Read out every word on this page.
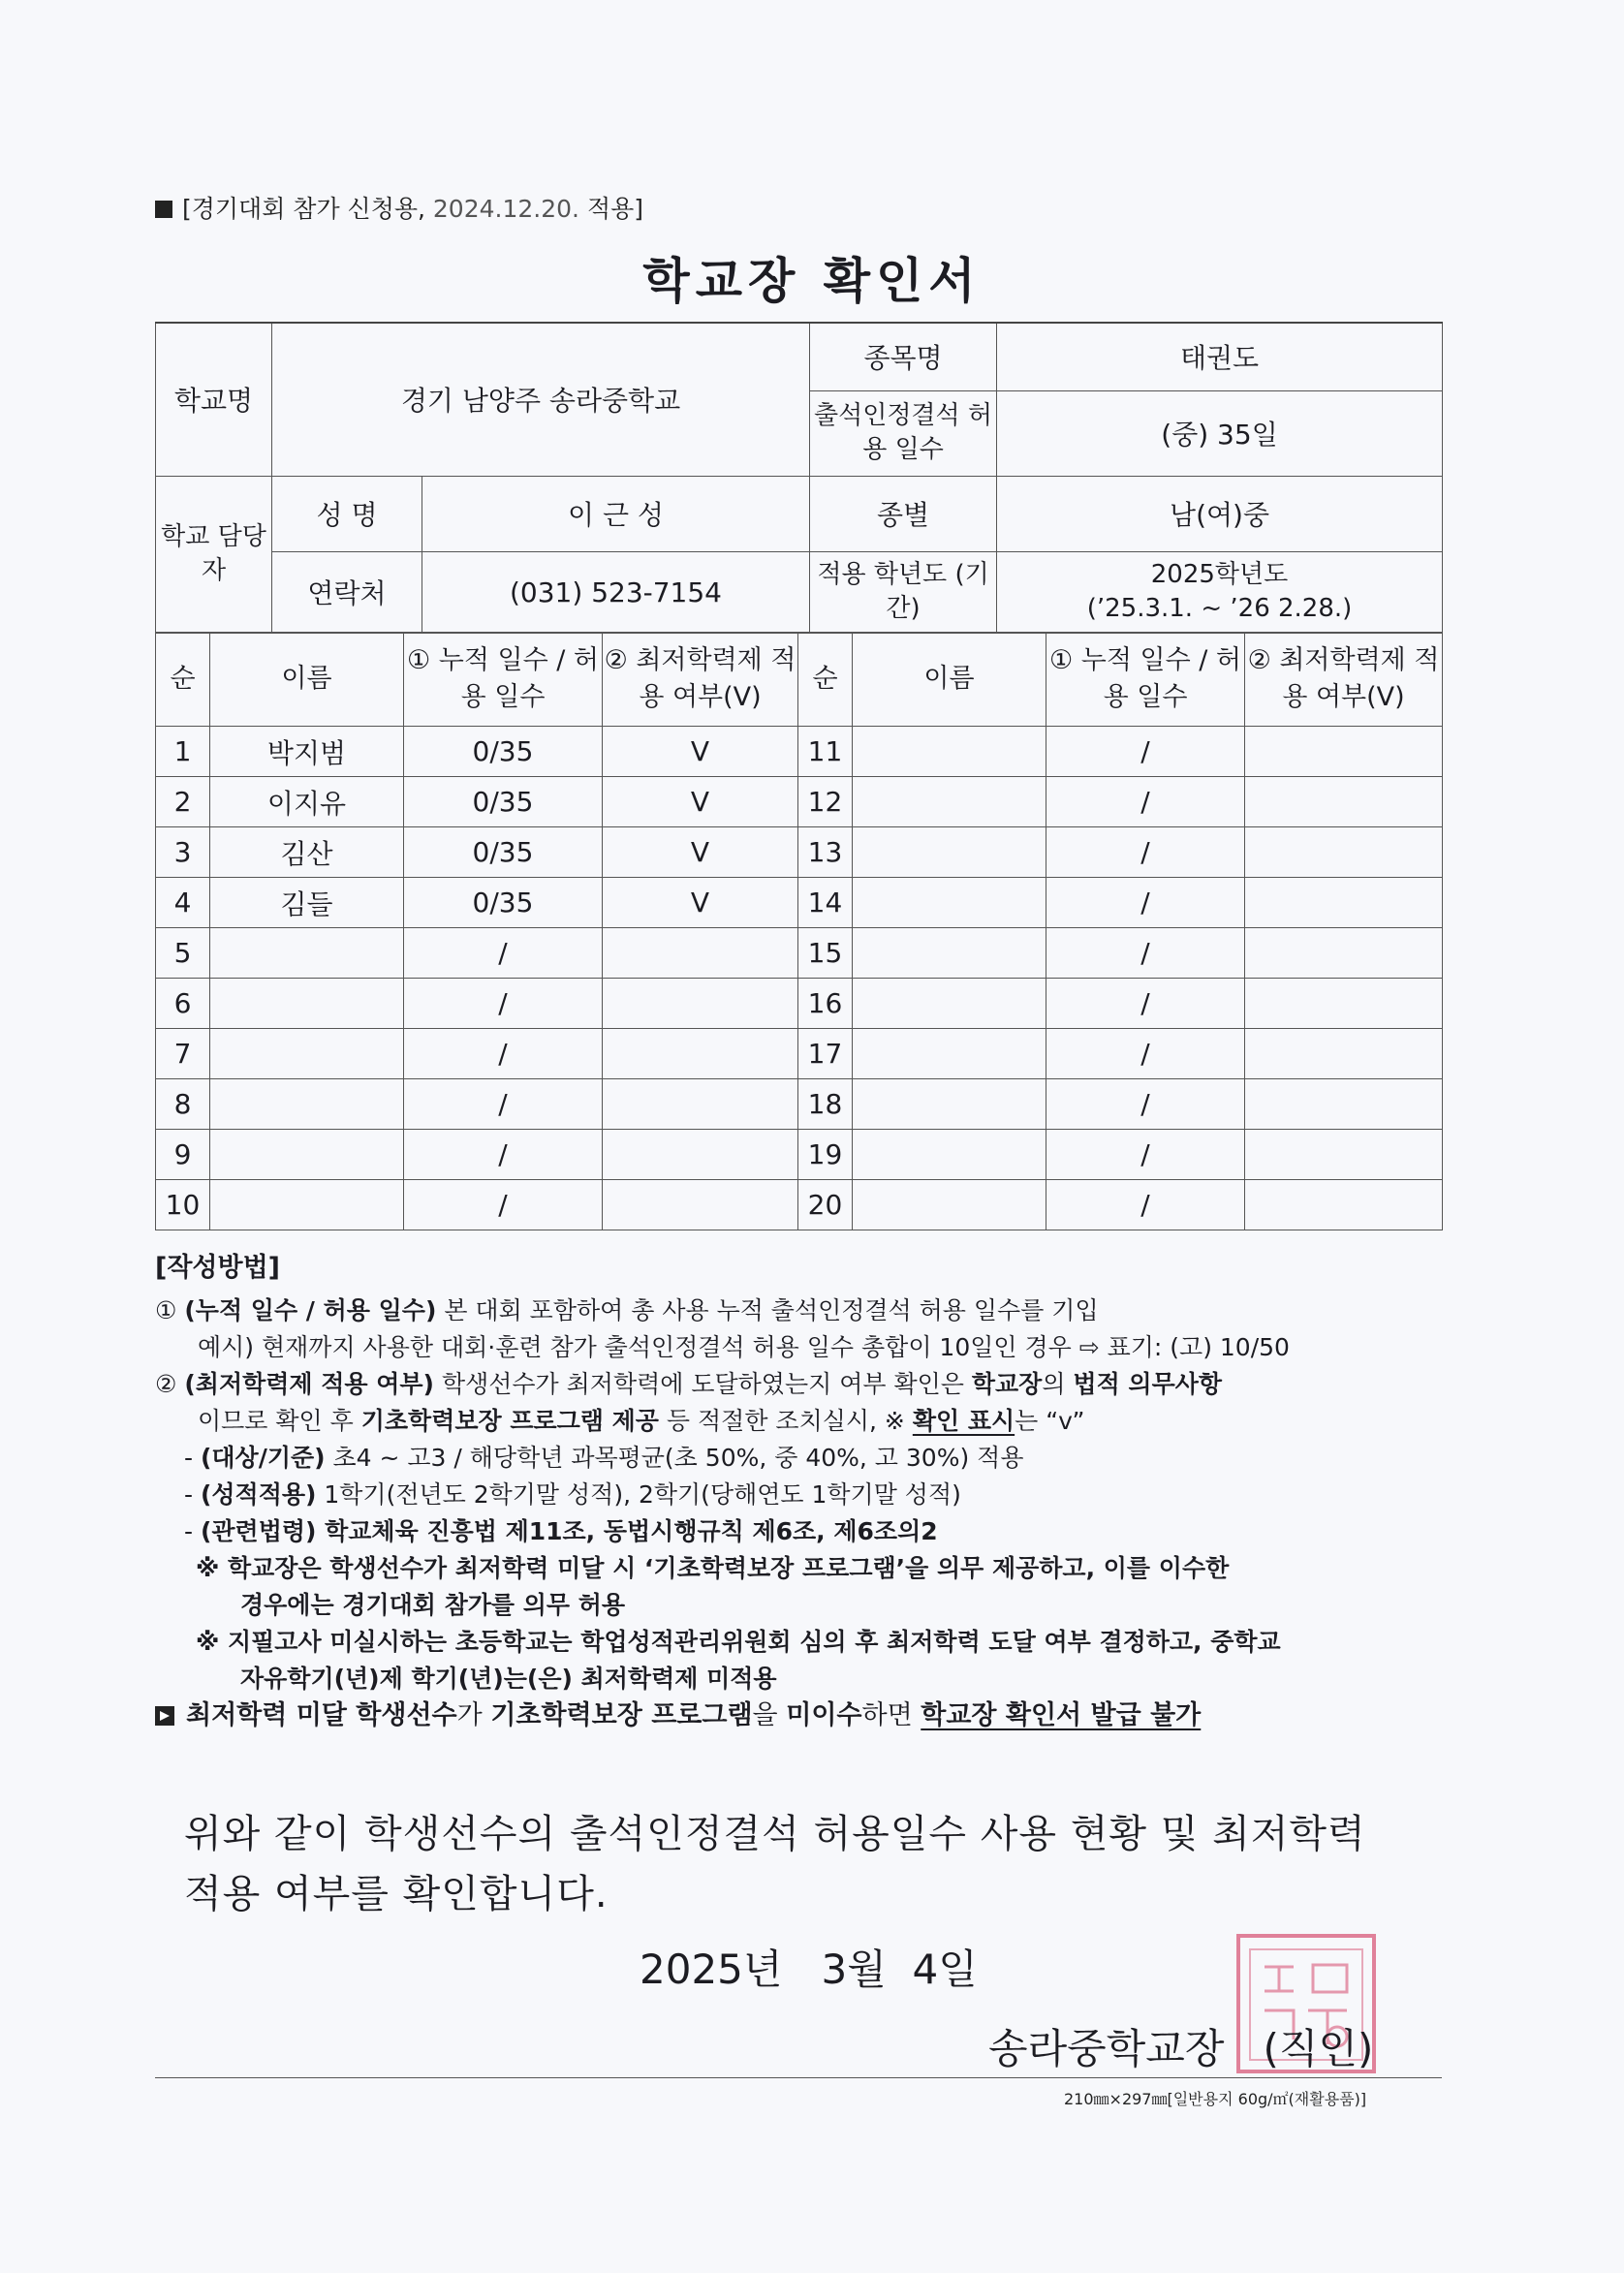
[경기대회 참가 신청용, 2024.12.20. 적용]
학교장 확인서
학교명	경기 남양주 송라중학교		종목명	태권도
			출석인정결석 허용 일수	(중) 35일
학교 담당자	성 명	이 근 성	종별	남(여)중
	연락처	(031) 523-7154	적용 학년도 (기간)	2025학년도
(’25.3.1. ~ ’26 2.28.)
순	이름	① 누적 일수 / 허용 일수	② 최저학력제 적용 여부(V)	순	이름	① 누적 일수 / 허용 일수	② 최저학력제 적용 여부(V)
1	박지범	0/35	V	11		/	
2	이지유	0/35	V	12		/	
3	김산	0/35	V	13		/	
4	김들	0/35	V	14		/	
5		/		15		/	
6		/		16		/	
7		/		17		/	
8		/		18		/	
9		/		19		/	
10		/		20		/	
[작성방법]

① (누적 일수 / 허용 일수) 본 대회 포함하여 총 사용 누적 출석인정결석 허용 일수를 기입

예시) 현재까지 사용한 대회·훈련 참가 출석인정결석 허용 일수 총합이 10일인 경우 ⇨ 표기: (고) 10/50

② (최저학력제 적용 여부) 학생선수가 최저학력에 도달하였는지 여부 확인은 학교장의 법적 의무사항

이므로 확인 후 기초학력보장 프로그램 제공 등 적절한 조치실시, ※ 확인 표시는 “v”

- (대상/기준) 초4 ~ 고3 / 해당학년 과목평균(초 50%, 중 40%, 고 30%) 적용

- (성적적용) 1학기(전년도 2학기말 성적), 2학기(당해연도 1학기말 성적)

- (관련법령) 학교체육 진흥법 제11조, 동법시행규칙 제6조, 제6조의2

※ 학교장은 학생선수가 최저학력 미달 시 ‘기초학력보장 프로그램’을 의무 제공하고, 이를 이수한

경우에는 경기대회 참가를 의무 허용

※ 지필고사 미실시하는 초등학교는 학업성적관리위원회 심의 후 최저학력 도달 여부 결정하고, 중학교

자유학기(년)제 학기(년)는(은) 최저학력제 미적용

최저학력 미달 학생선수가 기초학력보장 프로그램을 미이수하면 학교장 확인서 발급 불가

위와 같이 학생선수의 출석인정결석 허용일수 사용 현황 및 최저학력
적용 여부를 확인합니다.
2025년   3월  4일
송라중학교장   (직인)
210㎜×297㎜[일반용지 60g/㎡(재활용품)]
